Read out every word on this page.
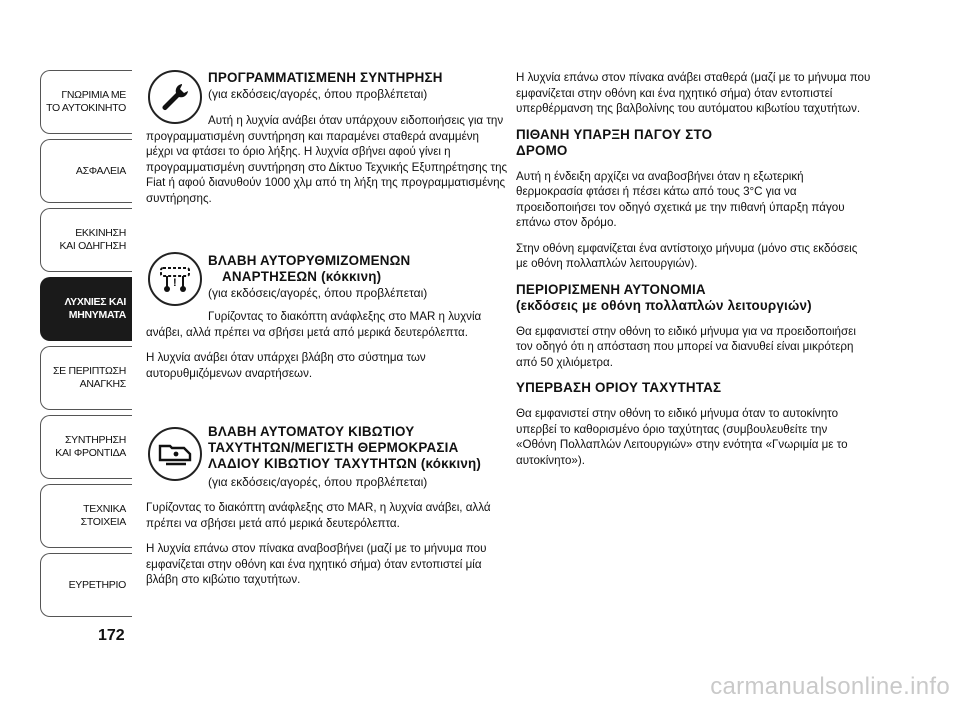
ΓΝΩΡΙΜΙΑ ΜΕ
ΤΟ ΑΥΤΟΚΙΝΗΤΟ
ΑΣΦΑΛΕΙΑ
ΕΚΚΙΝΗΣΗ
ΚΑΙ ΟΔΗΓΗΣΗ
ΛΥΧΝΙΕΣ ΚΑΙ
ΜΗΝΥΜΑΤΑ
ΣΕ ΠΕΡΙΠΤΩΣΗ
ΑΝΑΓΚΗΣ
ΣΥΝΤΗΡΗΣΗ
ΚΑΙ ΦΡΟΝΤΙΔΑ
ΤΕΧΝΙΚΑ
ΣΤΟΙΧΕΙΑ
ΕΥΡΕΤΗΡΙΟ
172

ΠΡΟΓΡΑΜΜΑΤΙΣΜΕΝΗ ΣΥΝΤΗΡΗΣΗ

(για εκδόσεις/αγορές, όπου προβλέπεται)

Αυτή η λυχνία ανάβει όταν υπάρχουν ειδοποιήσεις για την προγραμματισμένη συντήρηση και παραμένει σταθερά αναμμένη μέχρι να φτάσει το όριο λήξης. Η λυχνία σβήνει αφού γίνει η προγραμματισμένη συντήρηση στο Δίκτυο Τεχνικής Εξυπηρέτησης της Fiat ή αφού διανυθούν 1000 χλμ από τη λήξη της προγραμματισμένης συντήρησης.

!

ΒΛΑΒΗ ΑΥΤΟΡΥΘΜΙΖΟΜΕΝΩΝ

ΑΝΑΡΤΗΣΕΩΝ (κόκκινη)

(για εκδόσεις/αγορές, όπου προβλέπεται)

Γυρίζοντας το διακόπτη ανάφλεξης στο MAR η λυχνία ανάβει, αλλά πρέπει να σβήσει μετά από μερικά δευτερόλεπτα.

Η λυχνία ανάβει όταν υπάρχει βλάβη στο σύστημα των αυτορυθμιζόμενων αναρτήσεων.

ΒΛΑΒΗ ΑΥΤΟΜΑΤΟΥ ΚΙΒΩΤΙΟΥ

ΤΑΧΥΤΗΤΩΝ/ΜΕΓΙΣΤΗ ΘΕΡΜΟΚΡΑΣΙΑ

ΛΑΔΙΟΥ ΚΙΒΩΤΙΟΥ ΤΑΧΥΤΗΤΩΝ (κόκκινη)

(για εκδόσεις/αγορές, όπου προβλέπεται)

Γυρίζοντας το διακόπτη ανάφλεξης στο MAR, η λυχνία ανάβει, αλλά πρέπει να σβήσει μετά από μερικά δευτερόλεπτα.

Η λυχνία επάνω στον πίνακα αναβοσβήνει (μαζί με το μήνυμα που εμφανίζεται στην οθόνη και ένα ηχητικό σήμα) όταν εντοπιστεί μία βλάβη στο κιβώτιο ταχυτήτων.

Η λυχνία επάνω στον πίνακα ανάβει σταθερά (μαζί με το μήνυμα που εμφανίζεται στην οθόνη και ένα ηχητικό σήμα) όταν εντοπιστεί υπερθέρμανση της βαλβολίνης του αυτόματου κιβωτίου ταχυτήτων.

ΠΙΘΑΝΗ ΥΠΑΡΞΗ ΠΑΓΟΥ ΣΤΟ

ΔΡΟΜΟ

Αυτή η ένδειξη αρχίζει να αναβοσβήνει όταν η εξωτερική θερμοκρασία φτάσει ή πέσει κάτω από τους 3°C για να προειδοποιήσει τον οδηγό σχετικά με την πιθανή ύπαρξη πάγου επάνω στον δρόμο.

Στην οθόνη εμφανίζεται ένα αντίστοιχο μήνυμα (μόνο στις εκδόσεις με οθόνη πολλαπλών λειτουργιών).

ΠΕΡΙΟΡΙΣΜΕΝΗ ΑΥΤΟΝΟΜΙΑ

(εκδόσεις με οθόνη πολλαπλών λειτουργιών)

Θα εμφανιστεί στην οθόνη το ειδικό μήνυμα για να προειδοποιήσει τον οδηγό ότι η απόσταση που μπορεί να διανυθεί είναι μικρότερη από 50 χιλιόμετρα.

ΥΠΕΡΒΑΣΗ ΟΡΙΟΥ ΤΑΧΥΤΗΤΑΣ

Θα εμφανιστεί στην οθόνη το ειδικό μήνυμα όταν το αυτοκίνητο υπερβεί το καθορισμένο όριο ταχύτητας (συμβουλευθείτε την «Οθόνη Πολλαπλών Λειτουργιών» στην ενότητα «Γνωριμία με το αυτοκίνητο»).

carmanualsonline.info
